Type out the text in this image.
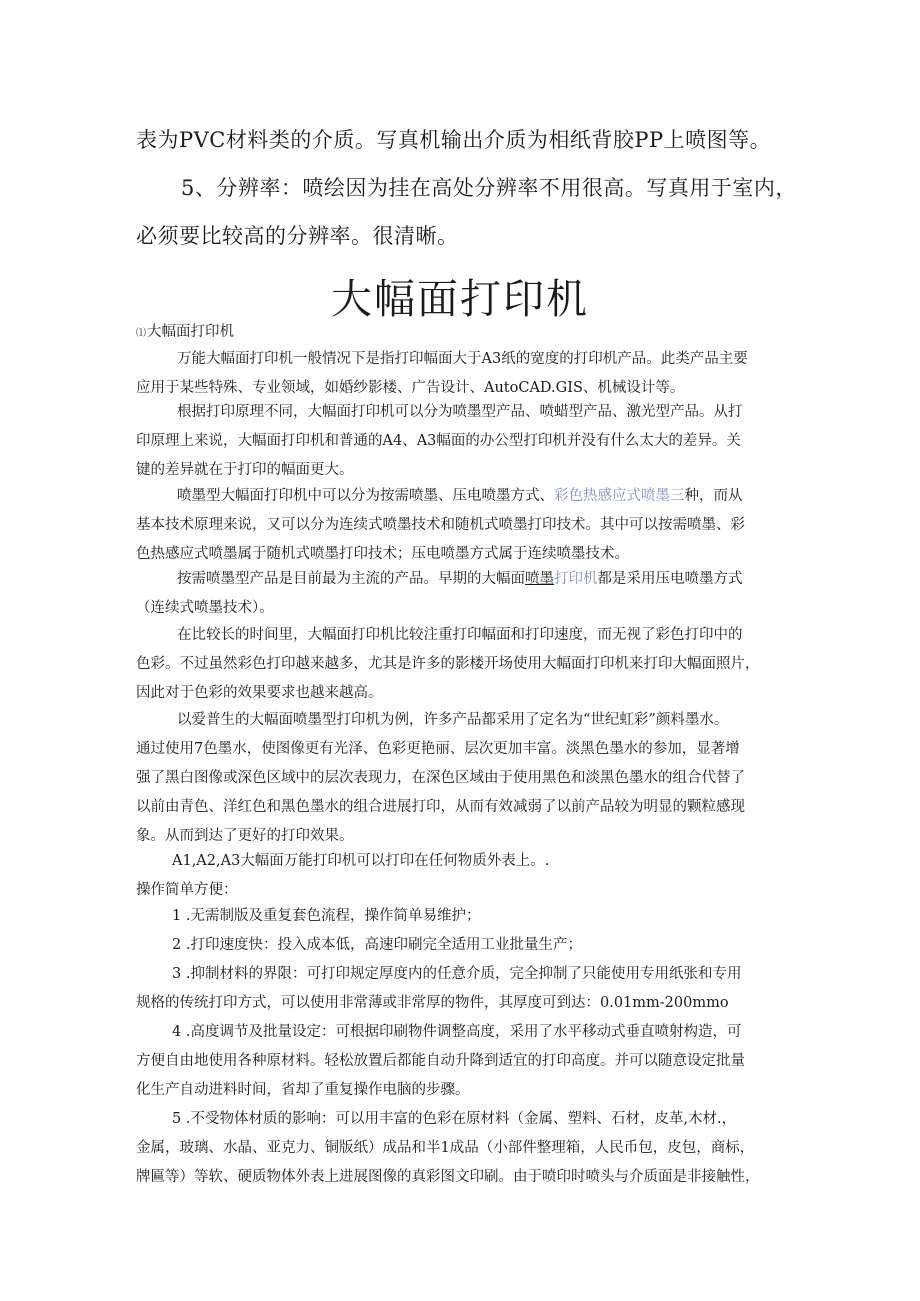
表为PVC材料类的介质。写真机输出介质为相纸背胶PP上喷图等。
5、分辨率：喷绘因为挂在高处分辨率不用很高。写真用于室内，
必须要比较高的分辨率。很清晰。
大幅面打印机
⑴大幅面打印机
万能大幅面打印机一般情况下是指打印幅面大于A3纸的宽度的打印机产品。此类产品主要
应用于某些特殊、专业领域，如婚纱影楼、广告设计、AutoCAD.GIS、机械设计等。
根据打印原理不同，大幅面打印机可以分为喷墨型产品、喷蜡型产品、激光型产品。从打
印原理上来说，大幅面打印机和普通的A4、A3幅面的办公型打印机并没有什么太大的差异。关
键的差异就在于打印的幅面更大。
喷墨型大幅面打印机中可以分为按需喷墨、压电喷墨方式、彩色热感应式喷墨三种，而从
基本技术原理来说，又可以分为连续式喷墨技术和随机式喷墨打印技术。其中可以按需喷墨、彩
色热感应式喷墨属于随机式喷墨打印技术；压电喷墨方式属于连续喷墨技术。
按需喷墨型产品是目前最为主流的产品。早期的大幅面喷墨打印机都是采用压电喷墨方式
（连续式喷墨技术）。
在比较长的时间里，大幅面打印机比较注重打印幅面和打印速度，而无视了彩色打印中的
色彩。不过虽然彩色打印越来越多，尤其是许多的影楼开场使用大幅面打印机来打印大幅面照片，
因此对于色彩的效果要求也越来越高。
以爱普生的大幅面喷墨型打印机为例，许多产品都采用了定名为“世纪虹彩”颜料墨水。
通过使用7色墨水，使图像更有光泽、色彩更艳丽、层次更加丰富。淡黑色墨水的参加，显著增
强了黑白图像或深色区域中的层次表现力，在深色区域由于使用黑色和淡黑色墨水的组合代替了
以前由青色、洋红色和黑色墨水的组合进展打印，从而有效减弱了以前产品较为明显的颗粒感现
象。从而到达了更好的打印效果。
A1,A2,A3大幅面万能打印机可以打印在任何物质外表上。.
操作简单方便：
1 .无需制版及重复套色流程，操作简单易维护；
2 .打印速度快：投入成本低，高速印刷完全适用工业批量生产；
3 .抑制材料的界限：可打印规定厚度内的任意介质，完全抑制了只能使用专用纸张和专用
规格的传统打印方式，可以使用非常薄或非常厚的物件，其厚度可到达：0.01mm-200mmo
4 .高度调节及批量设定：可根据印刷物件调整高度，采用了水平移动式垂直喷射构造，可
方便自由地使用各种原材料。轻松放置后都能自动升降到适宜的打印高度。并可以随意设定批量
化生产自动进料时间，省却了重复操作电脑的步骤。
5 .不受物体材质的影响：可以用丰富的色彩在原材料（金属、塑料、石材，皮革,木材.，
金属，玻璃、水晶、亚克力、铜版纸）成品和半1成品（小部件整理箱，人民币包，皮包，商标，
牌匾等）等软、硬质物体外表上进展图像的真彩图文印刷。由于喷印时喷头与介质面是非接触性，
